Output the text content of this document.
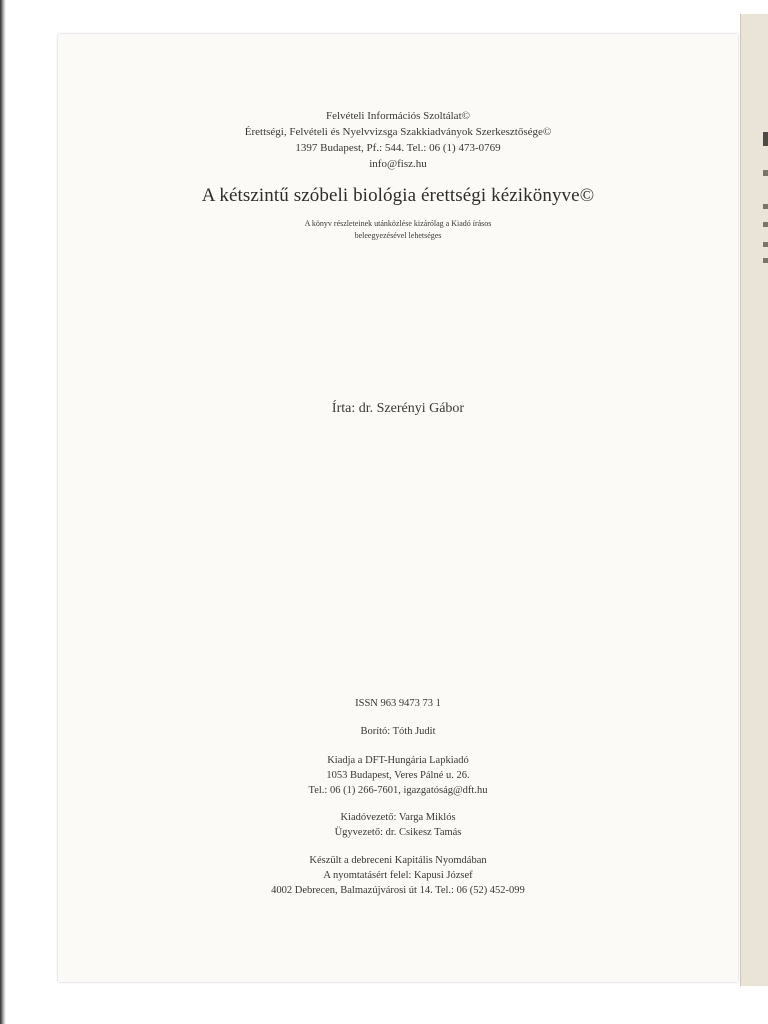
Felvételi Információs Szoltálat©
Érettségi, Felvételi és Nyelvvizsga Szakkiadványok Szerkesztősége©
1397 Budapest, Pf.: 544. Tel.: 06 (1) 473-0769
info@fisz.hu
A kétszintű szóbeli biológia érettségi kézikönyve©
A könyv részleteinek utánközlése kizárólag a Kiadó írásos
beleegyezésével lehetséges
Írta: dr. Szerényi Gábor
ISSN 963 9473 73 1
Borító: Tóth Judit
Kiadja a DFT-Hungária Lapkiadó
1053 Budapest, Veres Pálné u. 26.
Tel.: 06 (1) 266-7601, igazgatóság@dft.hu
Kiadóvezető: Varga Miklós
Ügyvezető: dr. Csikesz Tamás
Készült a debreceni Kapitális Nyomdában
A nyomtatásért felel: Kapusi József
4002 Debrecen, Balmazújvárosi út 14. Tel.: 06 (52) 452-099
